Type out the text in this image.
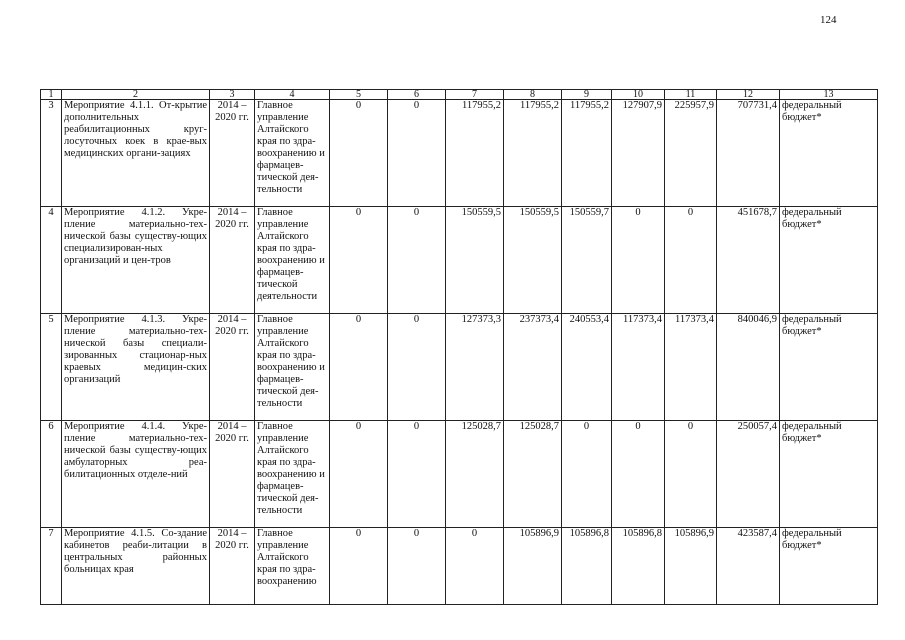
124
1	2	3	4	5	6	7	8	9	10	11	12	13
3	Мероприятие 4.1.1. От-крытие дополнительных реабилитационных круг-лосуточных коек в крае-вых медицинских органи-зациях	2014 – 2020 гг.	Главное управление Алтайского края по здра-воохранению и фармацев-тической дея-тельности	0	0	117955,2	117955,2	117955,2	127907,9	225957,9	707731,4	федеральный бюджет*
4	Мероприятие 4.1.2. Укре-пление материально-тех-нической базы существу-ющих специализирован-ных организаций и цен-тров	2014 – 2020 гг.	Главное управление Алтайского края по здра-воохранению и фармацев-тической деятельности	0	0	150559,5	150559,5	150559,7	0	0	451678,7	федеральный бюджет*
5	Мероприятие 4.1.3. Укре-пление материально-тех-нической базы специали-зированных стационар-ных краевых медицин-ских организаций	2014 – 2020 гг.	Главное управление Алтайского края по здра-воохранению и фармацев-тической дея-тельности	0	0	127373,3	237373,4	240553,4	117373,4	117373,4	840046,9	федеральный бюджет*
6	Мероприятие 4.1.4. Укре-пление материально-тех-нической базы существу-ющих амбулаторных реа-билитационных отделе-ний	2014 – 2020 гг.	Главное управление Алтайского края по здра-воохранению и фармацев-тической дея-тельности	0	0	125028,7	125028,7	0	0	0	250057,4	федеральный бюджет*
7	Мероприятие 4.1.5. Со-здание кабинетов реаби-литации в центральных районных больницах края	2014 – 2020 гг.	Главное управление Алтайского края по здра-воохранению	0	0	0	105896,9	105896,8	105896,8	105896,9	423587,4	федеральный бюджет*
